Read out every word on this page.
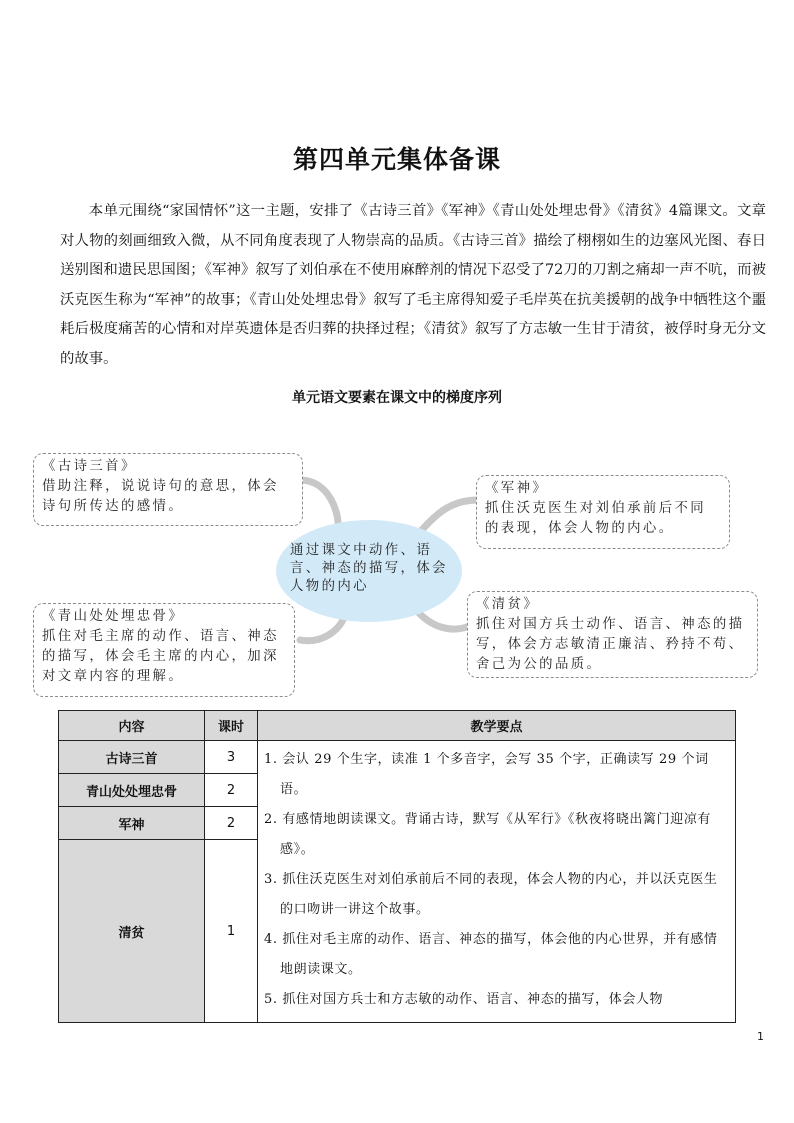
第四单元集体备课

本单元围绕“家国情怀”这一主题，安排了《古诗三首》《军神》《青山处处埋忠骨》《清贫》4篇课文。文章对人物的刻画细致入微，从不同角度表现了人物崇高的品质。《古诗三首》描绘了栩栩如生的边塞风光图、春日送别图和遗民思国图；《军神》叙写了刘伯承在不使用麻醉剂的情况下忍受了72刀的刀割之痛却一声不吭，而被沃克医生称为“军神”的故事；《青山处处埋忠骨》叙写了毛主席得知爱子毛岸英在抗美援朝的战争中牺牲这个噩耗后极度痛苦的心情和对岸英遗体是否归葬的抉择过程；《清贫》叙写了方志敏一生甘于清贫，被俘时身无分文的故事。

单元语文要素在课文中的梯度序列
通过课文中动作、语言、神态的描写，体会人物的内心
《古诗三首》
借助注释，说说诗句的意思，体会诗句所传达的感情。
《军神》
抓住沃克医生对刘伯承前后不同的表现，体会人物的内心。
《青山处处埋忠骨》
抓住对毛主席的动作、语言、神态的描写，体会毛主席的内心，加深对文章内容的理解。
《清贫》
抓住对国方兵士动作、语言、神态的描写，体会方志敏清正廉洁、矜持不苟、舍己为公的品质。
内容	课时	教学要点
古诗三首	3	1. 会认 29 个生字，读准 1 个多音字，会写 35 个字，正确读写 29 个词语。
2. 有感情地朗读课文。背诵古诗，默写《从军行》《秋夜将晓出篱门迎凉有感》。
3. 抓住沃克医生对刘伯承前后不同的表现，体会人物的内心，并以沃克医生的口吻讲一讲这个故事。
4. 抓住对毛主席的动作、语言、神态的描写，体会他的内心世界，并有感情地朗读课文。
5. 抓住对国方兵士和方志敏的动作、语言、神态的描写，体会人物

青山处处埋忠骨	2	
军神	2	
清贫	1	
1
